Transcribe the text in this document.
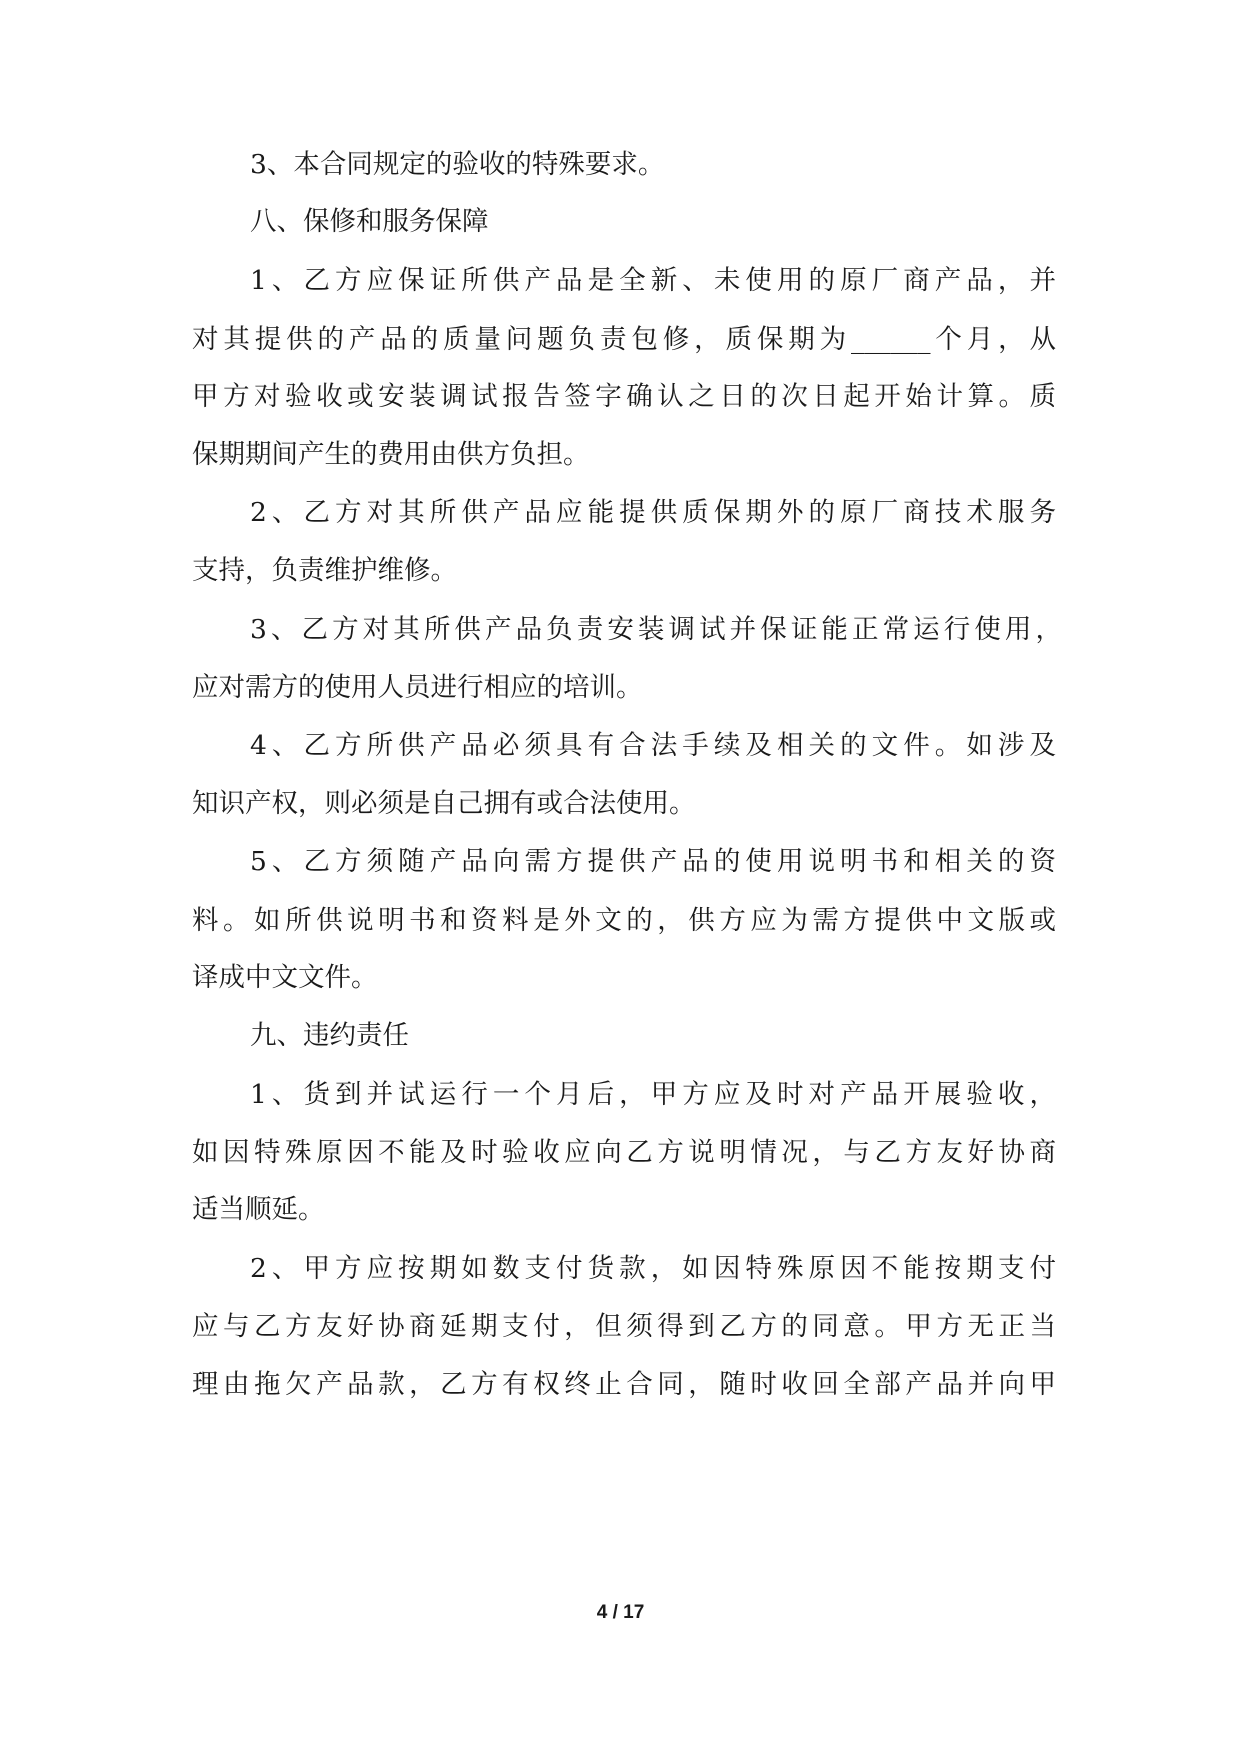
3、本合同规定的验收的特殊要求。
八、保修和服务保障
1、乙方应保证所供产品是全新、未使用的原厂商产品，并
对其提供的产品的质量问题负责包修，质保期为______个月，从
甲方对验收或安装调试报告签字确认之日的次日起开始计算。质
保期期间产生的费用由供方负担。
2、乙方对其所供产品应能提供质保期外的原厂商技术服务
支持，负责维护维修。
3、乙方对其所供产品负责安装调试并保证能正常运行使用，
应对需方的使用人员进行相应的培训。
4、乙方所供产品必须具有合法手续及相关的文件。如涉及
知识产权，则必须是自己拥有或合法使用。
5、乙方须随产品向需方提供产品的使用说明书和相关的资
料。如所供说明书和资料是外文的，供方应为需方提供中文版或
译成中文文件。
九、违约责任
1、货到并试运行一个月后，甲方应及时对产品开展验收，
如因特殊原因不能及时验收应向乙方说明情况，与乙方友好协商
适当顺延。
2、甲方应按期如数支付货款，如因特殊原因不能按期支付
应与乙方友好协商延期支付，但须得到乙方的同意。甲方无正当
理由拖欠产品款，乙方有权终止合同，随时收回全部产品并向甲
4 / 17
